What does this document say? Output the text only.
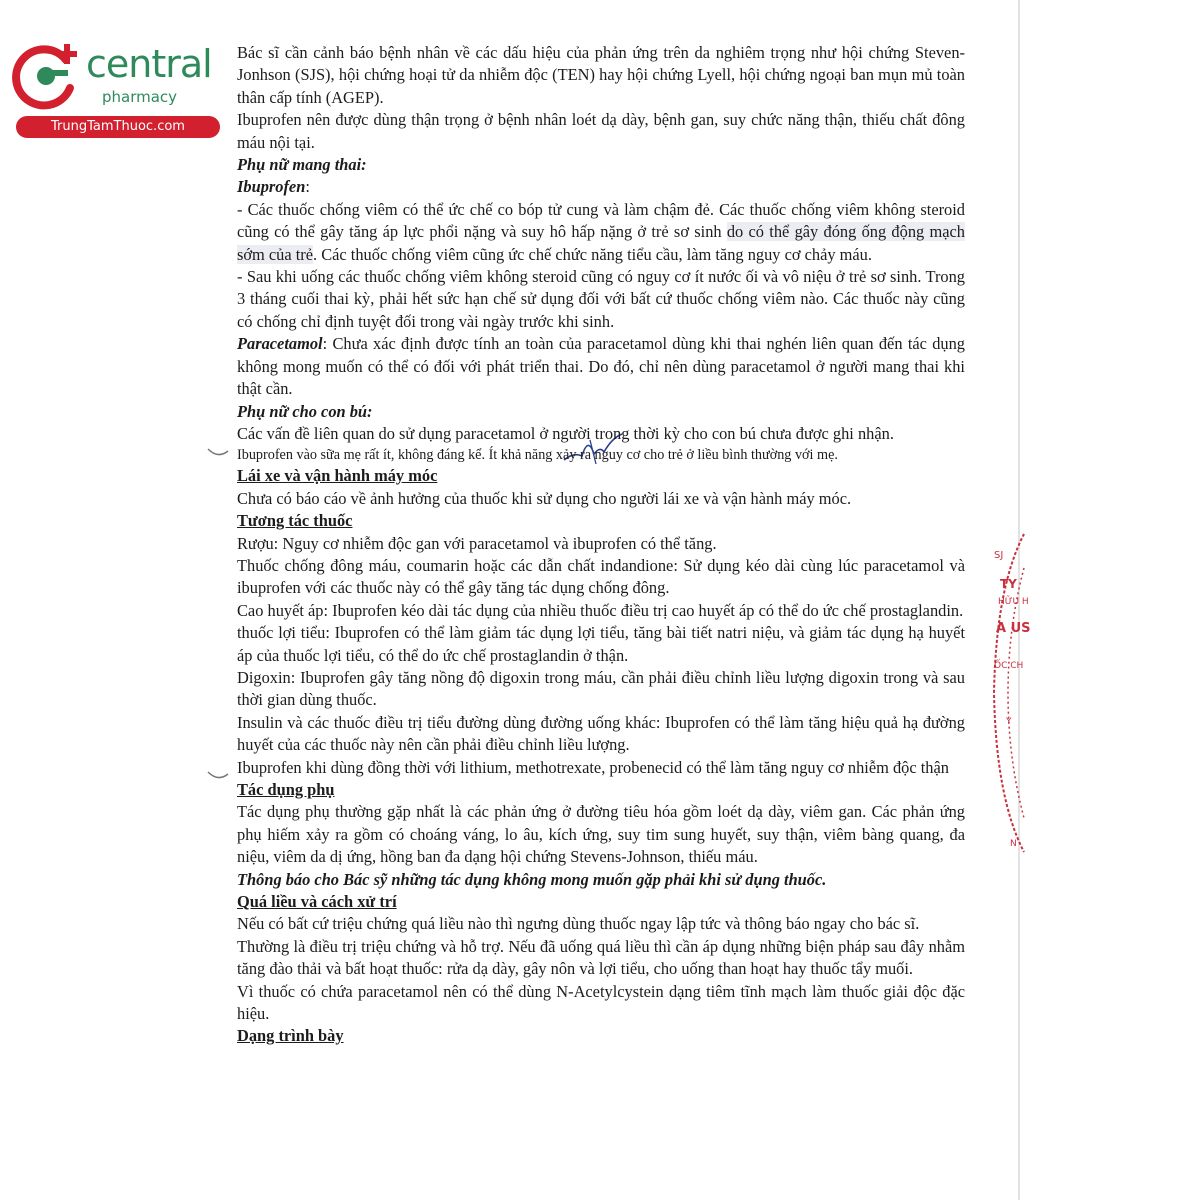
central
pharmacy
TrungTamThuoc.com
SJ
TY
HỮU H
A US
ỐC CH
Y
N

Bác sĩ cần cảnh báo bệnh nhân về các dấu hiệu của phản ứng trên da nghiêm trọng như hội chứng Steven-Jonhson (SJS), hội chứng hoại tử da nhiễm độc (TEN) hay hội chứng Lyell, hội chứng ngoại ban mụn mủ toàn thân cấp tính (AGEP).

Ibuprofen nên được dùng thận trọng ở bệnh nhân loét dạ dày, bệnh gan, suy chức năng thận, thiếu chất đông máu nội tại.

Phụ nữ mang thai:

Ibuprofen:

- Các thuốc chống viêm có thể ức chế co bóp tử cung và làm chậm đẻ. Các thuốc chống viêm không steroid cũng có thể gây tăng áp lực phổi nặng và suy hô hấp nặng ở trẻ sơ sinh do có thể gây đóng ống động mạch sớm của trẻ. Các thuốc chống viêm cũng ức chế chức năng tiểu cầu, làm tăng nguy cơ chảy máu.

- Sau khi uống các thuốc chống viêm không steroid cũng có nguy cơ ít nước ối và vô niệu ở trẻ sơ sinh. Trong 3 tháng cuối thai kỳ, phải hết sức hạn chế sử dụng đối với bất cứ thuốc chống viêm nào. Các thuốc này cũng có chống chỉ định tuyệt đối trong vài ngày trước khi sinh.

Paracetamol: Chưa xác định được tính an toàn của paracetamol dùng khi thai nghén liên quan đến tác dụng không mong muốn có thể có đối với phát triển thai. Do đó, chỉ nên dùng paracetamol ở người mang thai khi thật cần.

Phụ nữ cho con bú:

Các vấn đề liên quan do sử dụng paracetamol ở người trong thời kỳ cho con bú chưa được ghi nhận.

Ibuprofen vào sữa mẹ rất ít, không đáng kể. Ít khả năng xảy ra nguy cơ cho trẻ ở liều bình thường với mẹ.

Lái xe và vận hành máy móc

Chưa có báo cáo về ảnh hưởng của thuốc khi sử dụng cho người lái xe và vận hành máy móc.

Tương tác thuốc

Rượu: Nguy cơ nhiễm độc gan với paracetamol và ibuprofen có thể tăng.

Thuốc chống đông máu, coumarin hoặc các dẫn chất indandione: Sử dụng kéo dài cùng lúc paracetamol và ibuprofen với các thuốc này có thể gây tăng tác dụng chống đông.

Cao huyết áp: Ibuprofen kéo dài tác dụng của nhiều thuốc điều trị cao huyết áp có thể do ức chế prostaglandin.

thuốc lợi tiểu: Ibuprofen có thể làm giảm tác dụng lợi tiểu, tăng bài tiết natri niệu, và giảm tác dụng hạ huyết áp của thuốc lợi tiểu, có thể do ức chế prostaglandin ở thận.

Digoxin: Ibuprofen gây tăng nồng độ digoxin trong máu, cần phải điều chỉnh liều lượng digoxin trong và sau thời gian dùng thuốc.

Insulin và các thuốc điều trị tiểu đường dùng đường uống khác: Ibuprofen có thể làm tăng hiệu quả hạ đường huyết của các thuốc này nên cần phải điều chỉnh liều lượng.

Ibuprofen khi dùng đồng thời với lithium, methotrexate, probenecid có thể làm tăng nguy cơ nhiễm độc thận

Tác dụng phụ

Tác dụng phụ thường gặp nhất là các phản ứng ở đường tiêu hóa gồm loét dạ dày, viêm gan. Các phản ứng phụ hiếm xảy ra gồm có choáng váng, lo âu, kích ứng, suy tim sung huyết, suy thận, viêm bàng quang, đa niệu, viêm da dị ứng, hồng ban đa dạng hội chứng Stevens-Johnson, thiếu máu.

Thông báo cho Bác sỹ những tác dụng không mong muốn gặp phải khi sử dụng thuốc.

Quá liều và cách xử trí

Nếu có bất cứ triệu chứng quá liều nào thì ngưng dùng thuốc ngay lập tức và thông báo ngay cho bác sĩ.

Thường là điều trị triệu chứng và hỗ trợ. Nếu đã uống quá liều thì cần áp dụng những biện pháp sau đây nhằm tăng đào thải và bất hoạt thuốc: rửa dạ dày, gây nôn và lợi tiểu, cho uống than hoạt hay thuốc tẩy muối.

Vì thuốc có chứa paracetamol nên có thể dùng N-Acetylcystein dạng tiêm tĩnh mạch làm thuốc giải độc đặc hiệu.

Dạng trình bày
